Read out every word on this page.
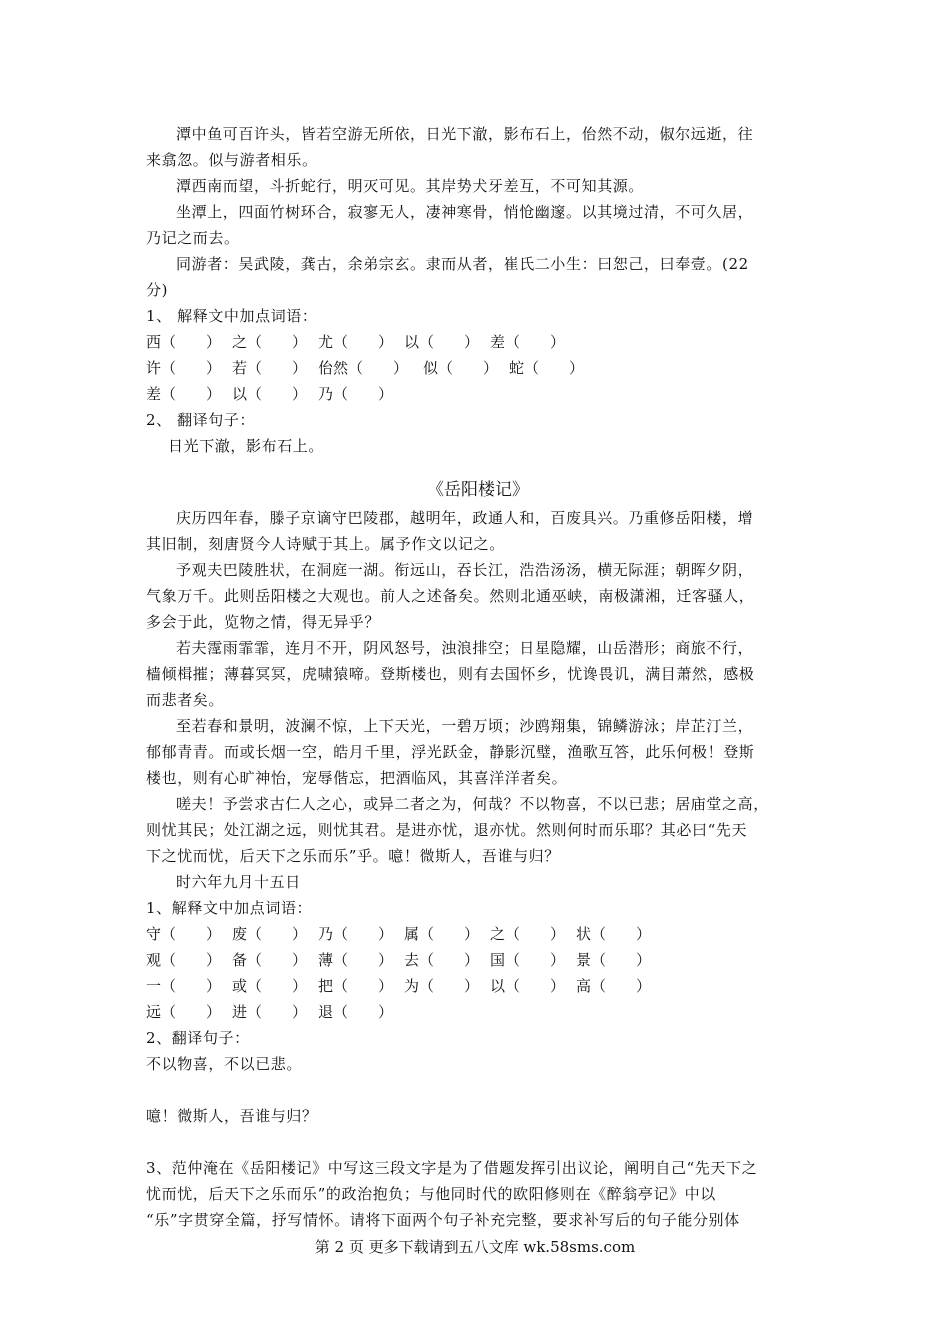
潭中鱼可百许头，皆若空游无所依，日光下澈，影布石上，佁然不动，俶尔远逝，往
来翕忽。似与游者相乐。
潭西南而望，斗折蛇行，明灭可见。其岸势犬牙差互，不可知其源。
坐潭上，四面竹树环合，寂寥无人，凄神寒骨，悄怆幽邃。以其境过清，不可久居，
乃记之而去。
同游者：吴武陵，龚古，余弟宗玄。隶而从者，崔氏二小生：曰恕己，曰奉壹。(22
分)
1、 解释文中加点词语：
西（　　） 之（　　） 尤（　　） 以（　　） 差（　　）
许（　　） 若（　　） 佁然（　　） 似（　　） 蛇（　　）
差（　　） 以（　　） 乃（　　）
2、 翻译句子：
日光下澈，影布石上。
《岳阳楼记》
庆历四年春，滕子京谪守巴陵郡，越明年，政通人和，百废具兴。乃重修岳阳楼，增
其旧制，刻唐贤今人诗赋于其上。属予作文以记之。
予观夫巴陵胜状，在洞庭一湖。衔远山，吞长江，浩浩汤汤，横无际涯；朝晖夕阴，
气象万千。此则岳阳楼之大观也。前人之述备矣。然则北通巫峡，南极潇湘，迁客骚人，
多会于此，览物之情，得无异乎？
若夫霪雨霏霏，连月不开，阴风怒号，浊浪排空；日星隐耀，山岳潜形；商旅不行，
樯倾楫摧；薄暮冥冥，虎啸猿啼。登斯楼也，则有去国怀乡，忧谗畏讥，满目萧然，感极
而悲者矣。
至若春和景明，波澜不惊，上下天光，一碧万顷；沙鸥翔集，锦鳞游泳；岸芷汀兰，
郁郁青青。而或长烟一空，皓月千里，浮光跃金，静影沉璧，渔歌互答，此乐何极！登斯
楼也，则有心旷神怡，宠辱偕忘，把酒临风，其喜洋洋者矣。
嗟夫！予尝求古仁人之心，或异二者之为，何哉？不以物喜，不以已悲；居庙堂之高，
则忧其民；处江湖之远，则忧其君。是进亦忧，退亦忧。然则何时而乐耶？其必曰“先天
下之忧而忧，后天下之乐而乐”乎。噫！微斯人，吾谁与归？
时六年九月十五日
1、解释文中加点词语：
守（　　） 废（　　） 乃（　　） 属（　　） 之（　　） 状（　　）
观（　　） 备（　　） 薄（　　） 去（　　） 国（　　） 景（　　）
一（　　） 或（　　） 把（　　） 为（　　） 以（　　） 高（　　）
远（　　） 进（　　） 退（　　）
2、翻译句子：
不以物喜，不以已悲。
噫！微斯人，吾谁与归？
3、范仲淹在《岳阳楼记》中写这三段文字是为了借题发挥引出议论，阐明自己“先天下之
忧而忧，后天下之乐而乐”的政治抱负；与他同时代的欧阳修则在《醉翁亭记》中以
“乐”字贯穿全篇，抒写情怀。请将下面两个句子补充完整，要求补写后的句子能分别体
第 2 页 更多下载请到五八文库 wk.58sms.com
